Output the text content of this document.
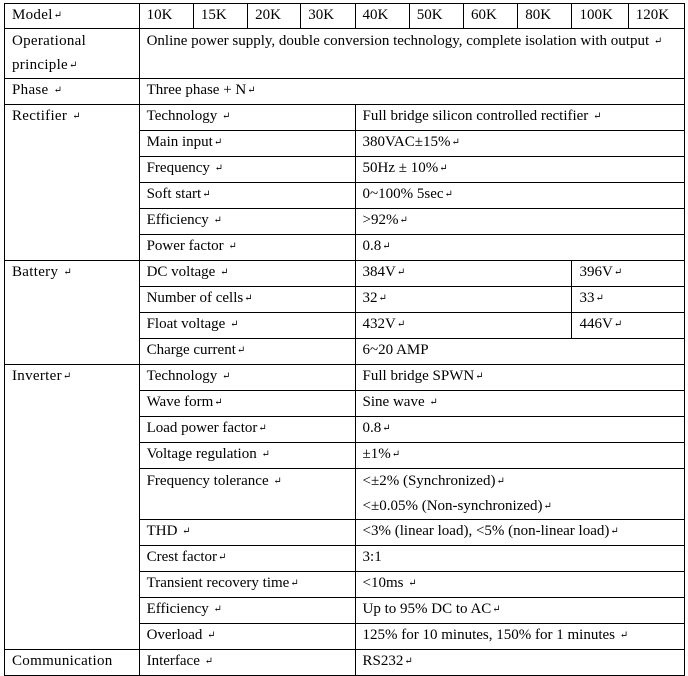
Model↵	10K	15K	20K	30K	40K	50K	60K	80K	100K	120K
Operational principle↵	Online power supply, double conversion technology, complete isolation with output ↵									
Phase ↵	Three phase + N↵									
Rectifier ↵	Technology ↵				Full bridge silicon controlled rectifier ↵					
	Main input↵				380VAC±15%↵					
	Frequency ↵				50Hz ± 10%↵					
	Soft start↵				0~100% 5sec↵					
	Efficiency ↵				>92%↵					
	Power factor ↵				0.8↵					
Battery ↵	DC voltage ↵				384V↵				396V↵	
	Number of cells↵				32↵				33↵	
	Float voltage ↵				432V↵				446V↵	
	Charge current↵				6~20 AMP					
Inverter↵	Technology ↵				Full bridge SPWN↵					
	Wave form↵				Sine wave ↵					
	Load power factor↵				0.8↵					
	Voltage regulation ↵				±1%↵					
	Frequency tolerance ↵				<±2% (Synchronized)↵
<±0.05% (Non-synchronized)↵					

	THD ↵				<3% (linear load), <5% (non-linear load)↵					
	Crest factor↵				3:1					
	Transient recovery time↵				<10ms ↵					
	Efficiency ↵				Up to 95% DC to AC↵					
	Overload ↵				125% for 10 minutes, 150% for 1 minutes ↵					
Communication	Interface ↵				RS232↵					
